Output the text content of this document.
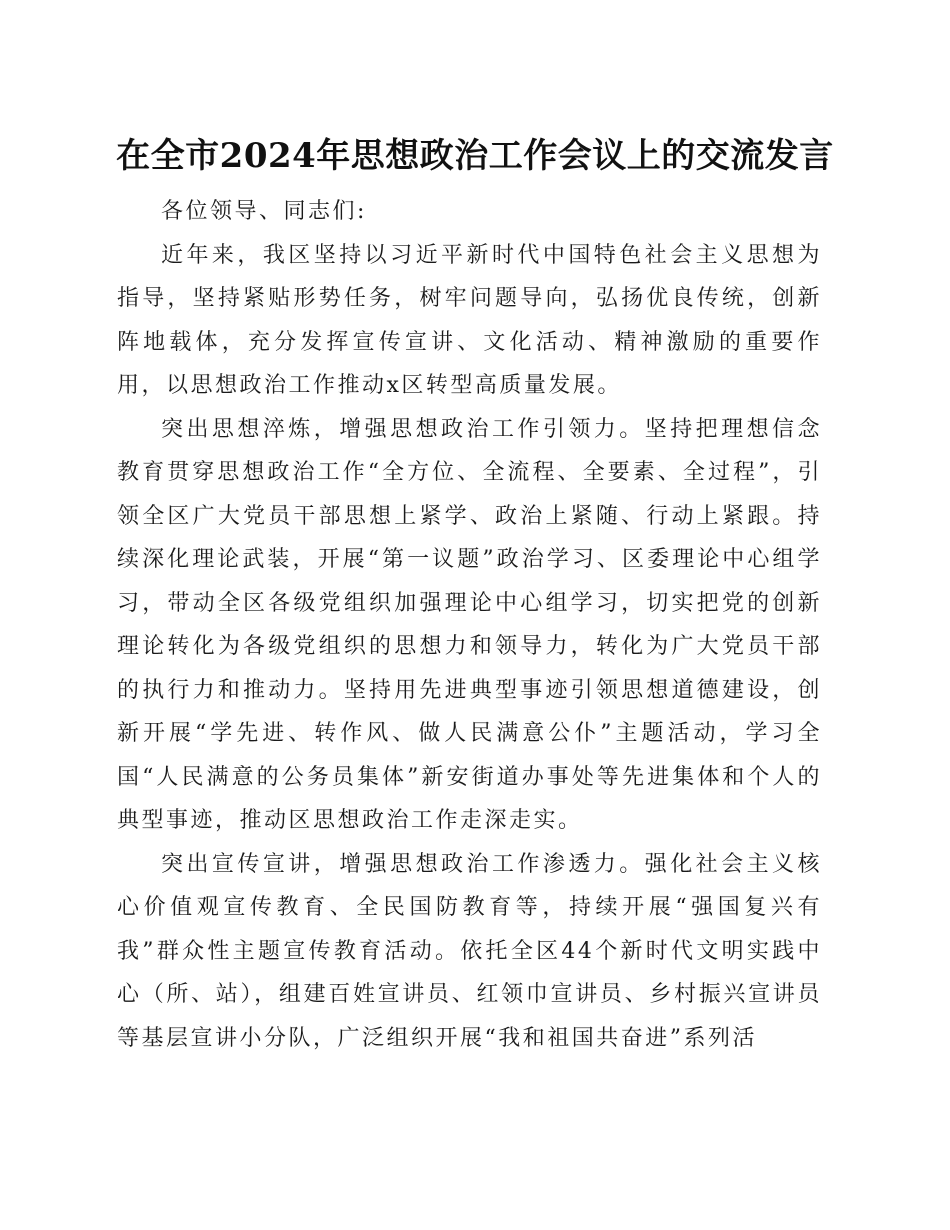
在全市2024年思想政治工作会议上的交流发言

各位领导、同志们:

近年来，我区坚持以习近平新时代中国特色社会主义思想为指导，坚持紧贴形势任务，树牢问题导向，弘扬优良传统，创新阵地载体，充分发挥宣传宣讲、文化活动、精神激励的重要作用，以思想政治工作推动x区转型高质量发展。

突出思想淬炼，增强思想政治工作引领力。坚持把理想信念教育贯穿思想政治工作“全方位、全流程、全要素、全过程”，引领全区广大党员干部思想上紧学、政治上紧随、行动上紧跟。持续深化理论武装，开展“第一议题”政治学习、区委理论中心组学习，带动全区各级党组织加强理论中心组学习，切实把党的创新理论转化为各级党组织的思想力和领导力，转化为广大党员干部的执行力和推动力。坚持用先进典型事迹引领思想道德建设，创新开展“学先进、转作风、做人民满意公仆”主题活动，学习全国“人民满意的公务员集体”新安街道办事处等先进集体和个人的典型事迹，推动区思想政治工作走深走实。

突出宣传宣讲，增强思想政治工作渗透力。强化社会主义核心价值观宣传教育、全民国防教育等，持续开展“强国复兴有我”群众性主题宣传教育活动。依托全区44个新时代文明实践中心（所、站），组建百姓宣讲员、红领巾宣讲员、乡村振兴宣讲员等基层宣讲小分队，广泛组织开展“我和祖国共奋进”系列活
